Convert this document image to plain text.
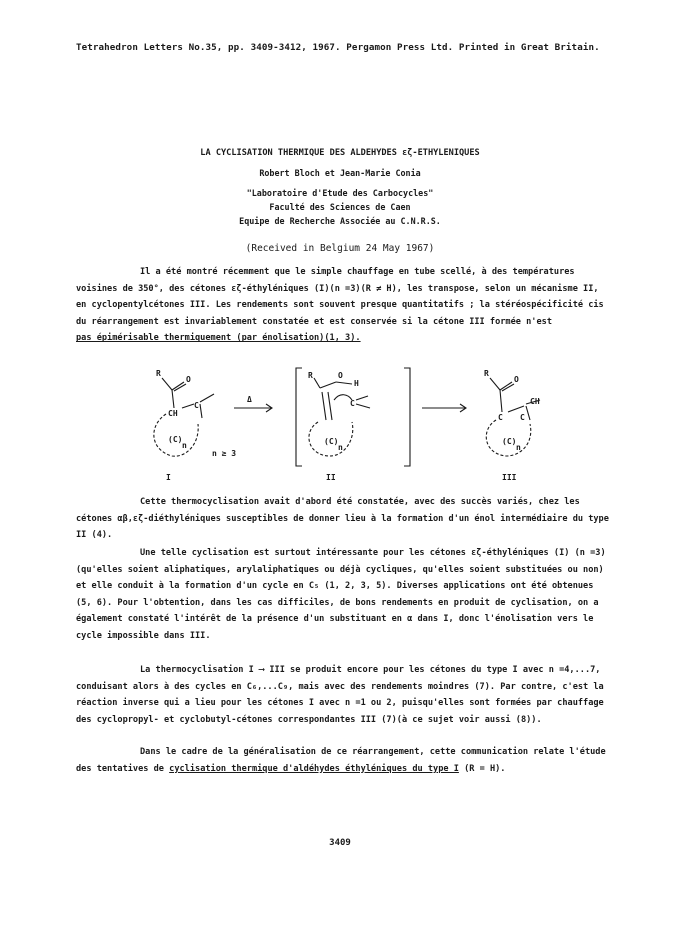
Tetrahedron Letters No.35, pp. 3409-3412, 1967. Pergamon Press Ltd. Printed in Great Britain.
LA CYCLISATION THERMIQUE DES ALDEHYDES εζ-ETHYLENIQUES
Robert Bloch et Jean-Marie Conia
"Laboratoire d'Etude des Carbocycles"
Faculté des Sciences de Caen
Equipe de Recherche Associée au C.N.R.S.
(Received in Belgium 24 May 1967)
Il a été montré récemment que le simple chauffage en tube scellé, à des températures voisines de 350°, des cétones εζ-éthyléniques (I)(n =3)(R ≠ H), les transpose, selon un mécanisme II, en cyclopentylcétones III. Les rendements sont souvent presque quantitatifs ; la stéréospécificité cis du réarrangement est invariablement constatée et est conservée si la cétone III formée n'est
pas épimérisable thermiquement (par énolisation)(1, 3).
R
O
CH
C
(C)
n
Δ
R	O
H
C
(C)
n
R
O
CH
C C
(C)
n
n ≥ 3
I	II	III
Cette thermocyclisation avait d'abord été constatée, avec des succès variés, chez les cétones αβ,εζ-diéthyléniques susceptibles de donner lieu à la formation d'un énol intermédiaire du type II (4).
Une telle cyclisation est surtout intéressante pour les cétones εζ-éthyléniques (I) (n =3)(qu'elles soient aliphatiques, arylaliphatiques ou déjà cycliques, qu'elles soient substituées ou non) et elle conduit à la formation d'un cycle en C₅ (1, 2, 3, 5). Diverses applications ont été obtenues (5, 6). Pour l'obtention, dans les cas difficiles, de bons rendements en produit de cyclisation, on a également constaté l'intérêt de la présence d'un substituant en α dans I, donc l'énolisation vers le cycle impossible dans III.
La thermocyclisation I ⟶ III se produit encore pour les cétones du type I avec n =4,...7, conduisant alors à des cycles en C₆,...C₉, mais avec des rendements moindres (7). Par contre, c'est la réaction inverse qui a lieu pour les cétones I avec n =1 ou 2, puisqu'elles sont formées par chauffage des cyclopropyl- et cyclobutyl-cétones correspondantes III (7)(à ce sujet voir aussi (8)).
Dans le cadre de la généralisation de ce réarrangement, cette communication relate l'étude des tentatives de cyclisation thermique d'aldéhydes éthyléniques du type I (R = H).
3409
